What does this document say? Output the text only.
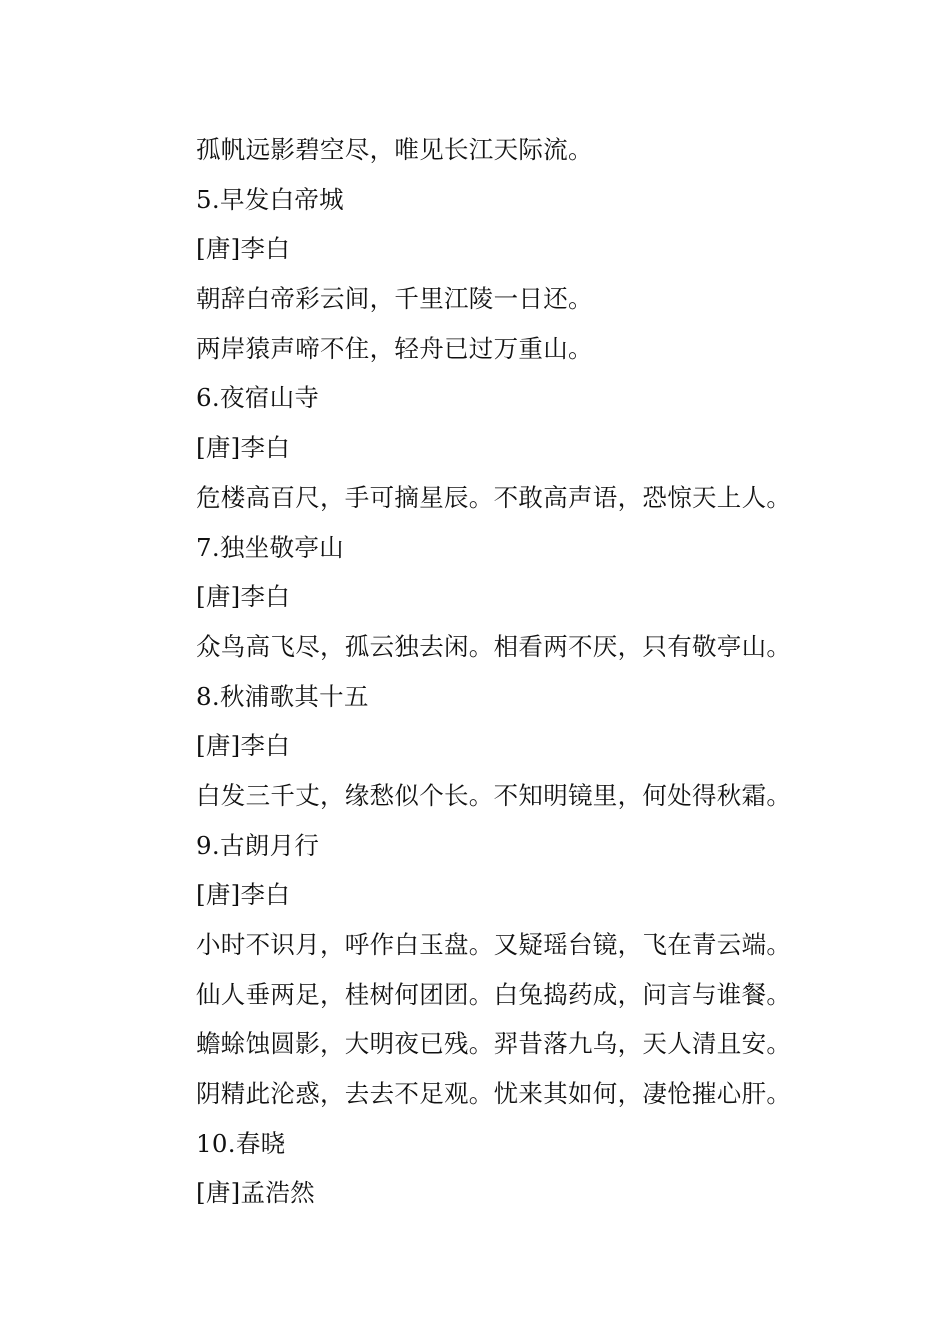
孤帆远影碧空尽，唯见长江天际流。
5.早发白帝城
[唐]李白
朝辞白帝彩云间，千里江陵一日还。
两岸猿声啼不住，轻舟已过万重山。
6.夜宿山寺
[唐]李白
危楼高百尺，手可摘星辰。不敢高声语，恐惊天上人。
7.独坐敬亭山
[唐]李白
众鸟高飞尽，孤云独去闲。相看两不厌，只有敬亭山。
8.秋浦歌其十五
[唐]李白
白发三千丈，缘愁似个长。不知明镜里，何处得秋霜。
9.古朗月行
[唐]李白
小时不识月，呼作白玉盘。又疑瑶台镜，飞在青云端。
仙人垂两足，桂树何团团。白兔捣药成，问言与谁餐。
蟾蜍蚀圆影，大明夜已残。羿昔落九乌，天人清且安。
阴精此沦惑，去去不足观。忧来其如何，凄怆摧心肝。
10.春晓
[唐]孟浩然
